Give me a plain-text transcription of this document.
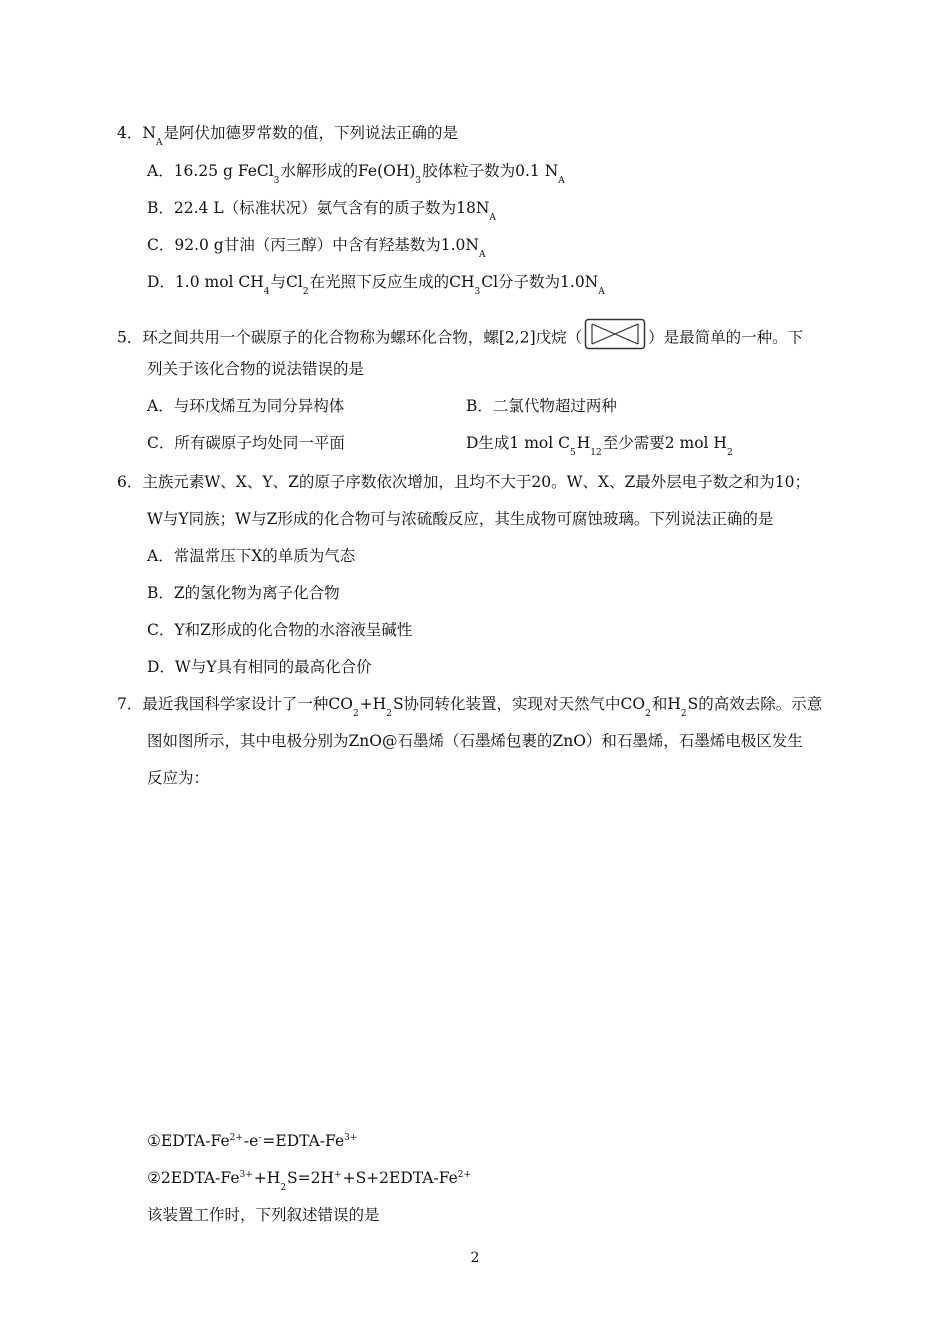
4．$N_A$是阿伏加德罗常数的值，下列说法正确的是
A．16.25 g FeCl$_3$水解形成的$Fe(OH)_3$胶体粒子数为0.1 $N_A$
B．22.4 L（标准状况）氨气含有的质子数为$18N_A$
C．92.0 g甘油（丙三醇）中含有羟基数为$1.0N_A$
D．1.0 mol $CH_4$与$Cl_2$在光照下反应生成的$CH_3Cl$分子数为$1.0N_A$
5．环之间共用一个碳原子的化合物称为螺环化合物，螺[2,2]戊烷（	）是最简单的一种。下
列关于该化合物的说法错误的是
A．与环戊烯互为同分异构体	B．二氯代物超过两种
C．所有碳原子均处同一平面	D生成1 mol $C_5H_{12}$至少需要2 mol $H_2$
6．主族元素W、X、Y、Z的原子序数依次增加，且均不大于20。W、X、Z最外层电子数之和为10；
W与Y同族；W与Z形成的化合物可与浓硫酸反应，其生成物可腐蚀玻璃。下列说法正确的是
A．常温常压下X的单质为气态
B．Z的氢化物为离子化合物
C．Y和Z形成的化合物的水溶液呈碱性
D．W与Y具有相同的最高化合价
7．最近我国科学家设计了一种$CO_2+H_2S$协同转化装置，实现对天然气中$CO_2$和$H_2S$的高效去除。示意
图如图所示，其中电极分别为ZnO@石墨烯（石墨烯包裹的ZnO）和石墨烯，石墨烯电极区发生
反应为：
①EDTA-$Fe^{2+}-e^-=EDTA-Fe^{3+}$
$②2EDTA-Fe^{3+}+H_2S=2H^++S+2EDTA-Fe^{2+}$
该装置工作时，下列叙述错误的是
2
